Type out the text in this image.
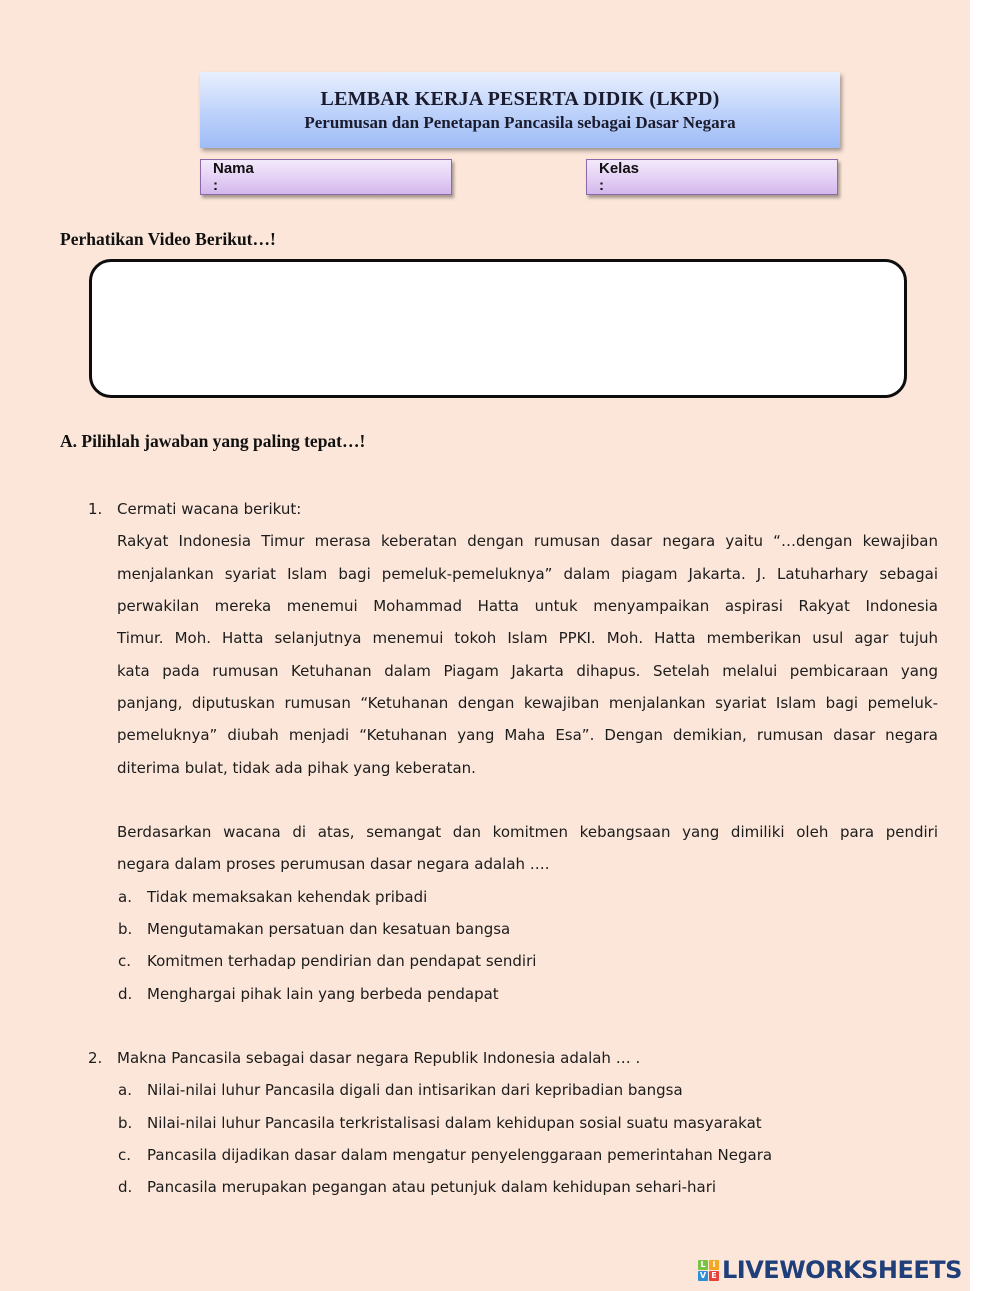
LEMBAR KERJA PESERTA DIDIK (LKPD)
Perumusan dan Penetapan Pancasila sebagai Dasar Negara
Nama :
Kelas :
Perhatikan Video Berikut…!
A. Pilihlah jawaban yang paling tepat…!
1. Cermati wacana berikut:
Rakyat Indonesia Timur merasa keberatan dengan rumusan dasar negara yaitu “…dengan kewajiban
menjalankan syariat Islam bagi pemeluk-pemeluknya” dalam piagam Jakarta. J. Latuharhary sebagai
perwakilan mereka menemui Mohammad Hatta untuk menyampaikan aspirasi Rakyat Indonesia
Timur. Moh. Hatta selanjutnya menemui tokoh Islam PPKI. Moh. Hatta memberikan usul agar tujuh
kata pada rumusan Ketuhanan dalam Piagam Jakarta dihapus. Setelah melalui pembicaraan yang
panjang, diputuskan rumusan “Ketuhanan dengan kewajiban menjalankan syariat Islam bagi pemeluk-
pemeluknya” diubah menjadi “Ketuhanan yang Maha Esa”. Dengan demikian, rumusan dasar negara
diterima bulat, tidak ada pihak yang keberatan.
Berdasarkan wacana di atas, semangat dan komitmen kebangsaan yang dimiliki oleh para pendiri
negara dalam proses perumusan dasar negara adalah ….
a. Tidak memaksakan kehendak pribadi
b. Mengutamakan persatuan dan kesatuan bangsa
c. Komitmen terhadap pendirian dan pendapat sendiri
d. Menghargai pihak lain yang berbeda pendapat
2. Makna Pancasila sebagai dasar negara Republik Indonesia adalah … .
a. Nilai-nilai luhur Pancasila digali dan intisarikan dari kepribadian bangsa
b. Nilai-nilai luhur Pancasila terkristalisasi dalam kehidupan sosial suatu masyarakat
c. Pancasila dijadikan dasar dalam mengatur penyelenggaraan pemerintahan Negara
d. Pancasila merupakan pegangan atau petunjuk dalam kehidupan sehari-hari
L I
V E LIVEWORKSHEETS
